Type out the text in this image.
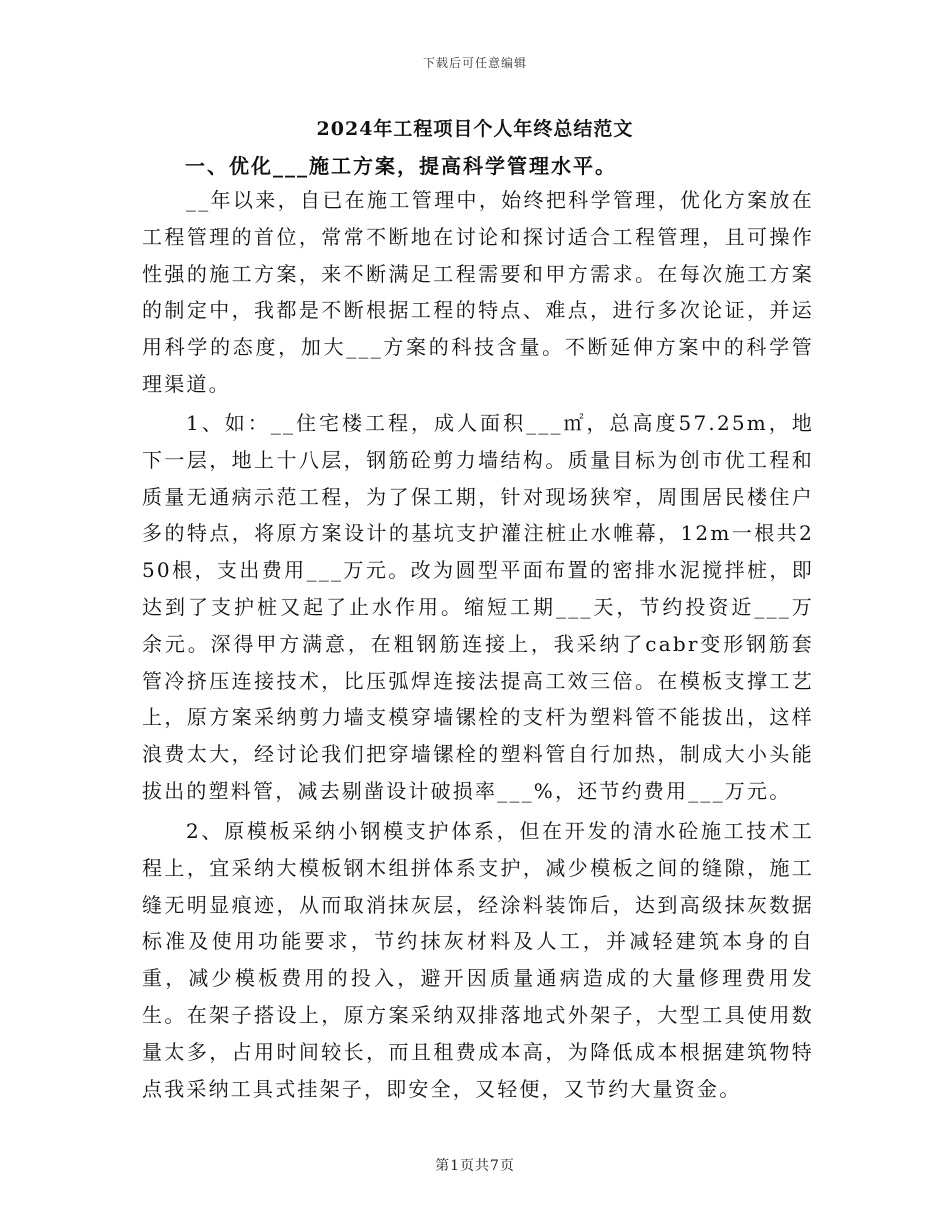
下载后可任意编辑
2024年工程项目个人年终总结范文
一、优化___施工方案，提高科学管理水平。

__年以来，自已在施工管理中，始终把科学管理，优化方案放在工程管理的首位，常常不断地在讨论和探讨适合工程管理，且可操作性强的施工方案，来不断满足工程需要和甲方需求。在每次施工方案的制定中，我都是不断根据工程的特点、难点，进行多次论证，并运用科学的态度，加大___方案的科技含量。不断延伸方案中的科学管理渠道。

1、如：__住宅楼工程，成人面积___㎡，总高度57.25m，地下一层，地上十八层，钢筋砼剪力墙结构。质量目标为创市优工程和质量无通病示范工程，为了保工期，针对现场狭窄，周围居民楼住户多的特点，将原方案设计的基坑支护灌注桩止水帷幕，12m一根共250根，支出费用___万元。改为圆型平面布置的密排水泥搅拌桩，即达到了支护桩又起了止水作用。缩短工期___天，节约投资近___万余元。深得甲方满意，在粗钢筋连接上，我采纳了cabr变形钢筋套管冷挤压连接技术，比压弧焊连接法提高工效三倍。在模板支撑工艺上，原方案采纳剪力墙支模穿墙镙栓的支杆为塑料管不能拔出，这样浪费太大，经讨论我们把穿墙镙栓的塑料管自行加热，制成大小头能拔出的塑料管，减去剔凿设计破损率___%，还节约费用___万元。

2、原模板采纳小钢模支护体系，但在开发的清水砼施工技术工程上，宜采纳大模板钢木组拼体系支护，减少模板之间的缝隙，施工缝无明显痕迹，从而取消抹灰层，经涂料装饰后，达到高级抹灰数据标准及使用功能要求，节约抹灰材料及人工，并减轻建筑本身的自重，减少模板费用的投入，避开因质量通病造成的大量修理费用发生。在架子搭设上，原方案采纳双排落地式外架子，大型工具使用数量太多，占用时间较长，而且租费成本高，为降低成本根据建筑物特点我采纳工具式挂架子，即安全，又轻便，又节约大量资金。

第1页共7页
